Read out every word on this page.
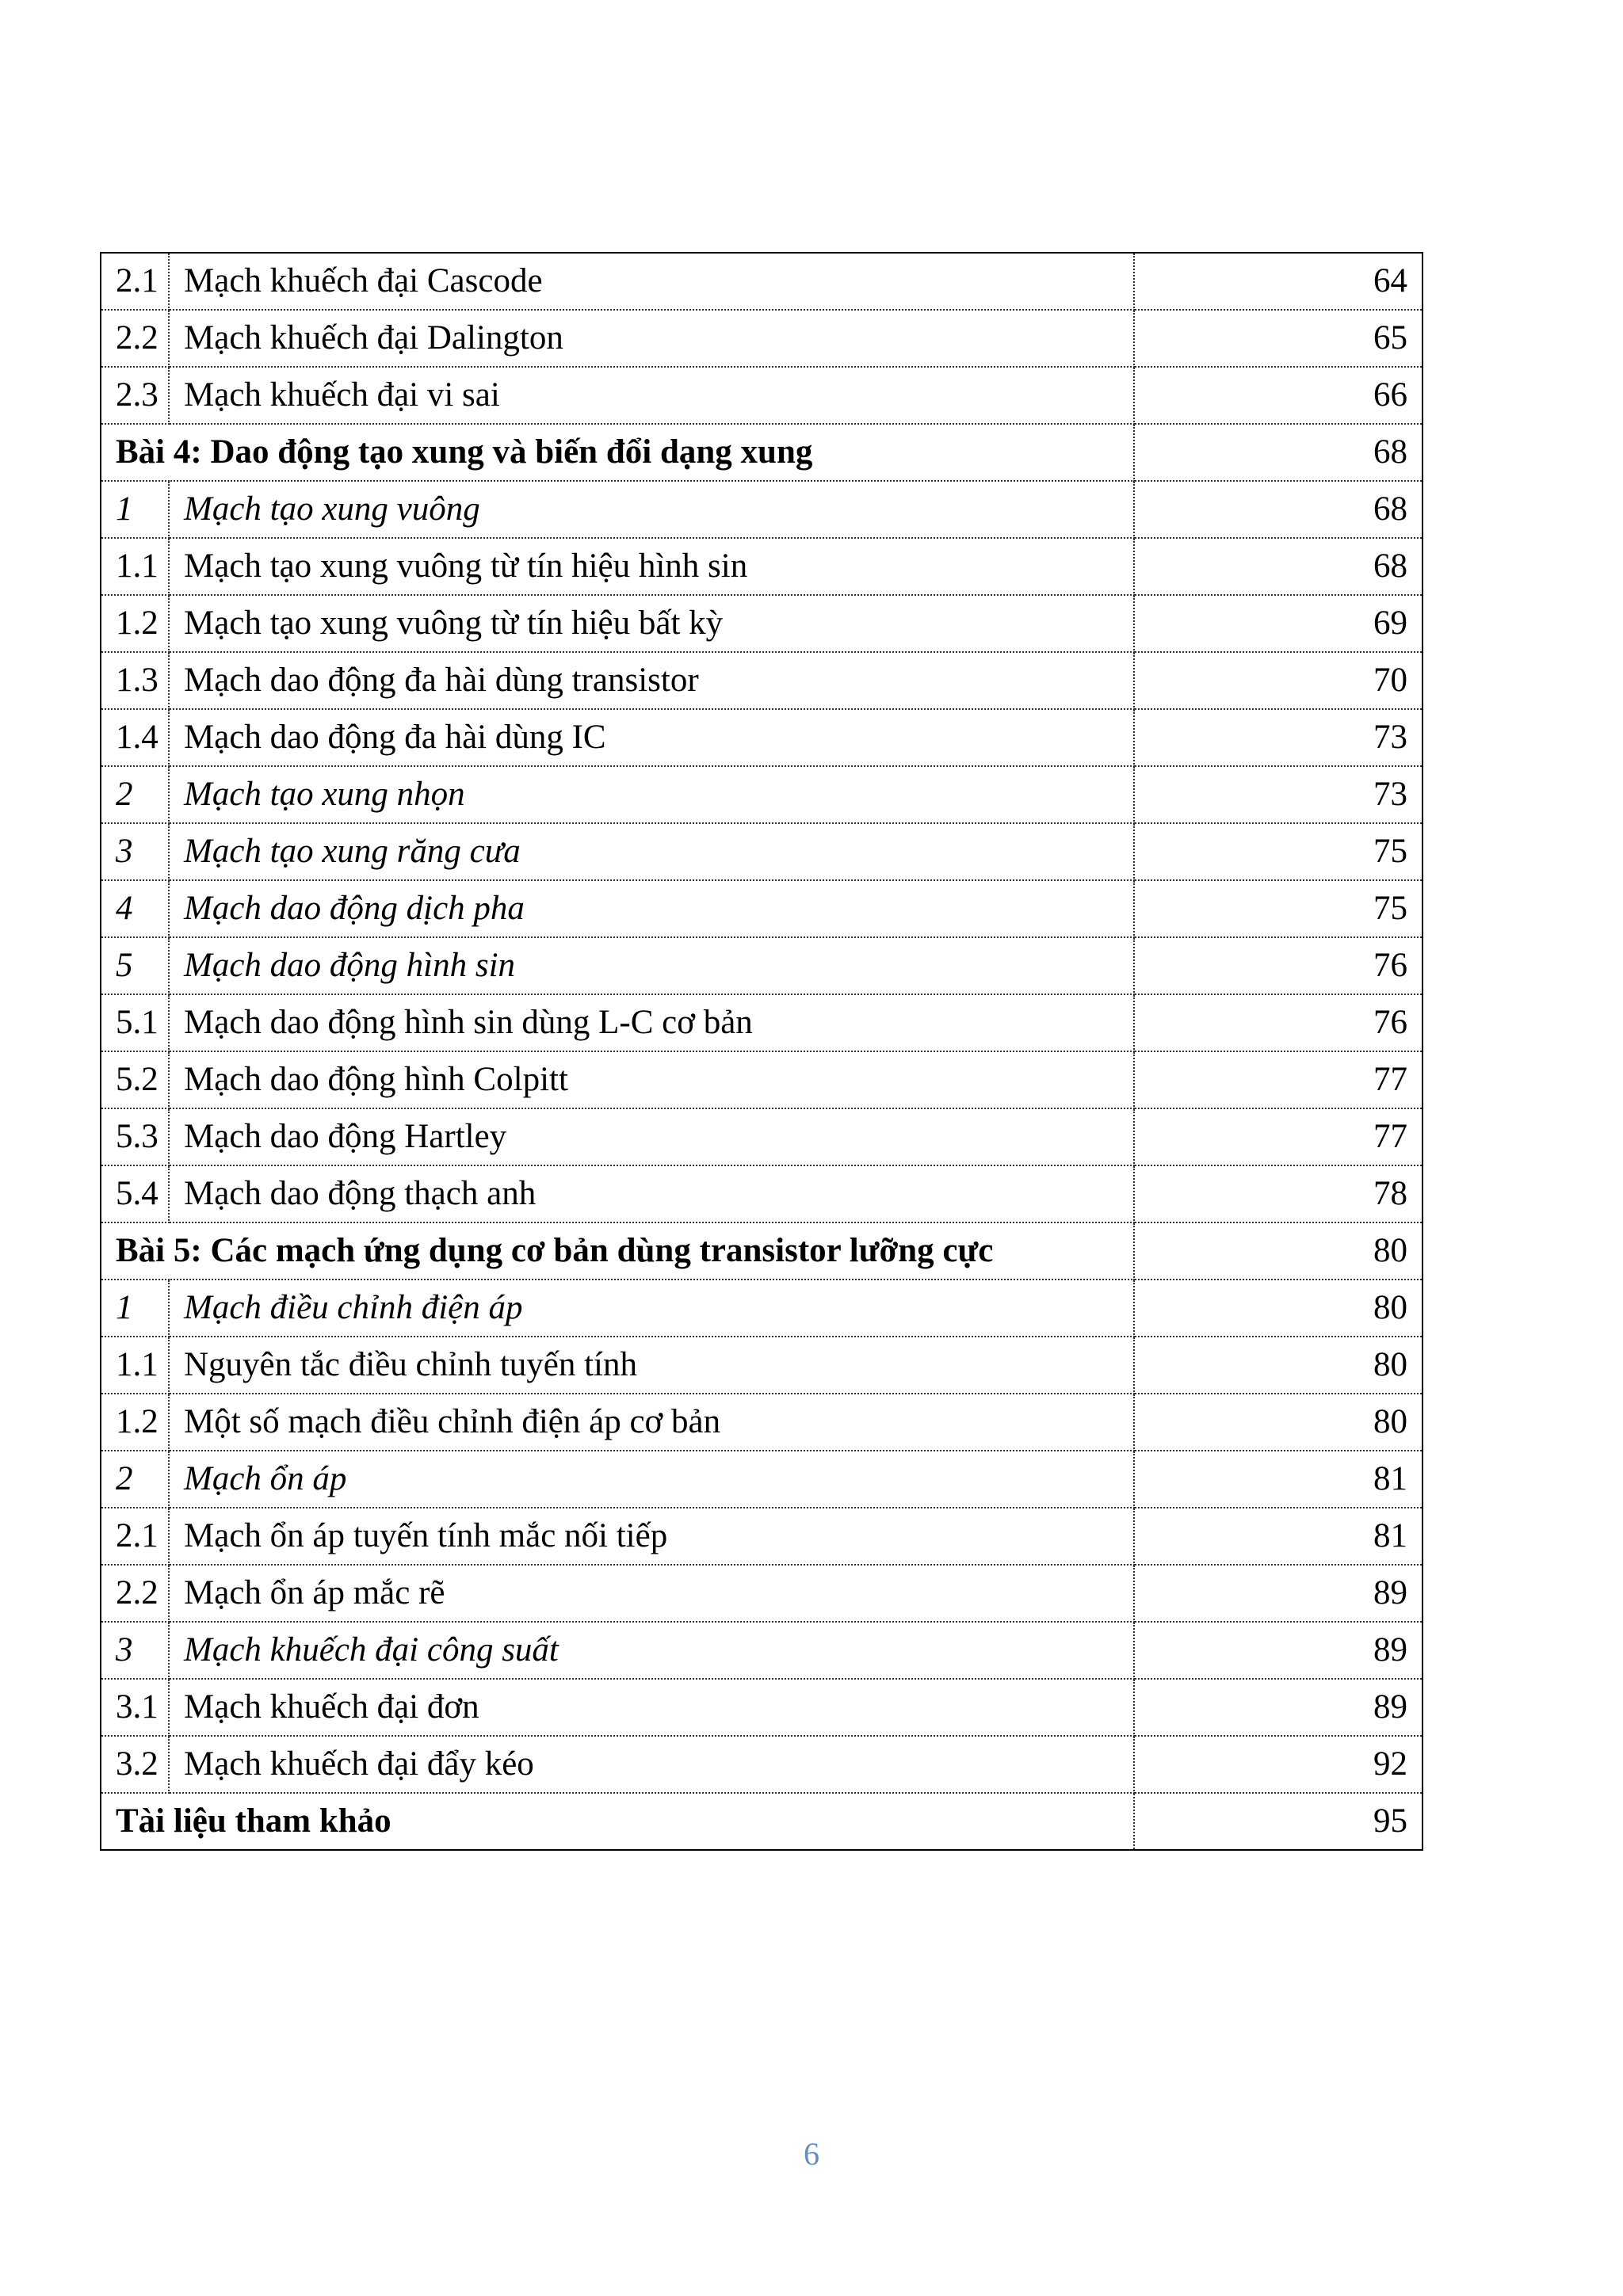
2.1	Mạch khuếch đại Cascode	64
2.2	Mạch khuếch đại Dalington	65
2.3	Mạch khuếch đại vi sai	66
Bài 4: Dao động tạo xung và biến đổi dạng xung		68
1	Mạch tạo xung vuông	68
1.1	Mạch tạo xung vuông từ tín hiệu hình sin	68
1.2	Mạch tạo xung vuông từ tín hiệu bất kỳ	69
1.3	Mạch dao động đa hài dùng transistor	70
1.4	Mạch dao động đa hài dùng IC	73
2	Mạch tạo xung nhọn	73
3	Mạch tạo xung răng cưa	75
4	Mạch dao động dịch pha	75
5	Mạch dao động hình sin	76
5.1	Mạch dao động hình sin dùng L-C cơ bản	76
5.2	Mạch dao động hình Colpitt	77
5.3	Mạch dao động Hartley	77
5.4	Mạch dao động thạch anh	78
Bài 5: Các mạch ứng dụng cơ bản dùng transistor lưỡng cực		80
1	Mạch điều chỉnh điện áp	80
1.1	Nguyên tắc điều chỉnh tuyến tính	80
1.2	Một số mạch điều chỉnh điện áp cơ bản	80
2	Mạch ổn áp	81
2.1	Mạch ổn áp tuyến tính mắc nối tiếp	81
2.2	Mạch ổn áp mắc rẽ	89
3	Mạch khuếch đại công suất	89
3.1	Mạch khuếch đại đơn	89
3.2	Mạch khuếch đại đẩy kéo	92
Tài liệu tham khảo		95
6
